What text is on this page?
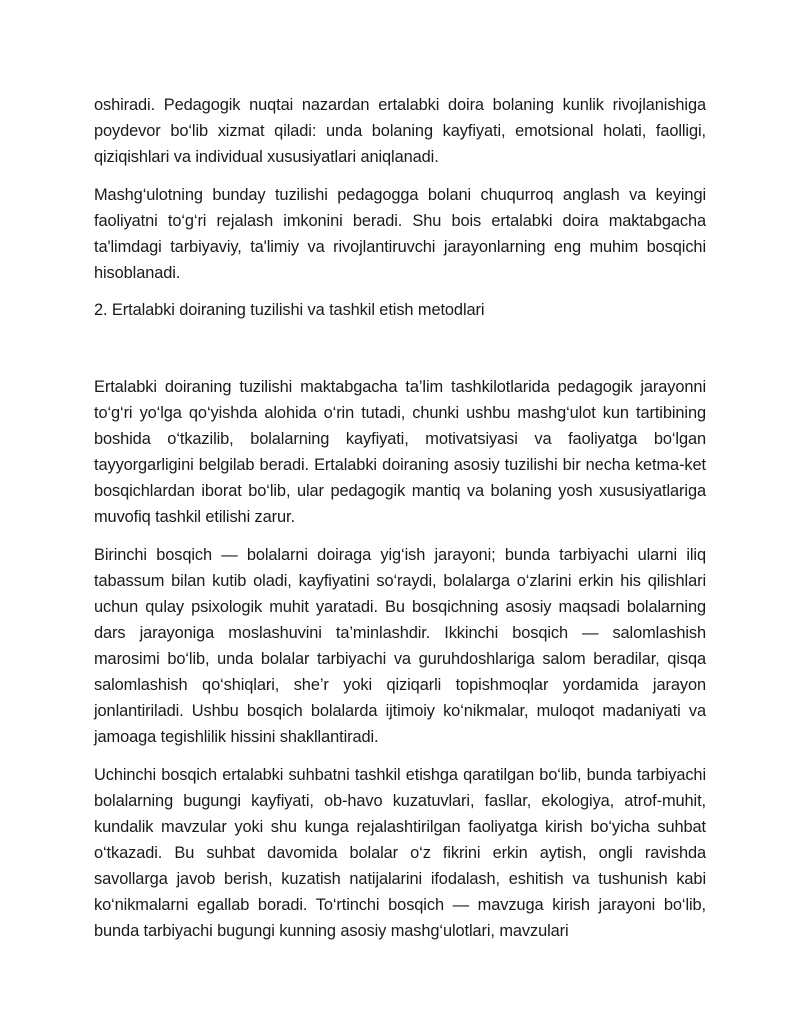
oshiradi. Pedagogik nuqtai nazardan ertalabki doira bolaning kunlik rivojlanishiga poydevor bo‘lib xizmat qiladi: unda bolaning kayfiyati, emotsional holati, faolligi, qiziqishlari va individual xususiyatlari aniqlanadi.

Mashg‘ulotning bunday tuzilishi pedagogga bolani chuqurroq anglash va keyingi faoliyatni to‘g‘ri rejalash imkonini beradi. Shu bois ertalabki doira maktabgacha ta'limdagi tarbiyaviy, ta'limiy va rivojlantiruvchi jarayonlarning eng muhim bosqichi hisoblanadi.

2. Ertalabki doiraning tuzilishi va tashkil etish metodlari

Ertalabki doiraning tuzilishi maktabgacha ta’lim tashkilotlarida pedagogik jarayonni to‘g‘ri yo‘lga qo‘yishda alohida o‘rin tutadi, chunki ushbu mashg‘ulot kun tartibining boshida o‘tkazilib, bolalarning kayfiyati, motivatsiyasi va faoliyatga bo‘lgan tayyorgarligini belgilab beradi. Ertalabki doiraning asosiy tuzilishi bir necha ketma-ket bosqichlardan iborat bo‘lib, ular pedagogik mantiq va bolaning yosh xususiyatlariga muvofiq tashkil etilishi zarur.

Birinchi bosqich — bolalarni doiraga yig‘ish jarayoni; bunda tarbiyachi ularni iliq tabassum bilan kutib oladi, kayfiyatini so‘raydi, bolalarga o‘zlarini erkin his qilishlari uchun qulay psixologik muhit yaratadi. Bu bosqichning asosiy maqsadi bolalarning dars jarayoniga moslashuvini ta’minlashdir. Ikkinchi bosqich — salomlashish marosimi bo‘lib, unda bolalar tarbiyachi va guruhdoshlariga salom beradilar, qisqa salomlashish qo‘shiqlari, she’r yoki qiziqarli topishmoqlar yordamida jarayon jonlantiriladi. Ushbu bosqich bolalarda ijtimoiy ko‘nikmalar, muloqot madaniyati va jamoaga tegishlilik hissini shakllantiradi.

Uchinchi bosqich ertalabki suhbatni tashkil etishga qaratilgan bo‘lib, bunda tarbiyachi bolalarning bugungi kayfiyati, ob-havo kuzatuvlari, fasllar, ekologiya, atrof-muhit, kundalik mavzular yoki shu kunga rejalashtirilgan faoliyatga kirish bo‘yicha suhbat o‘tkazadi. Bu suhbat davomida bolalar o‘z fikrini erkin aytish, ongli ravishda savollarga javob berish, kuzatish natijalarini ifodalash, eshitish va tushunish kabi ko‘nikmalarni egallab boradi. To‘rtinchi bosqich — mavzuga kirish jarayoni bo‘lib, bunda tarbiyachi bugungi kunning asosiy mashg‘ulotlari, mavzulari
